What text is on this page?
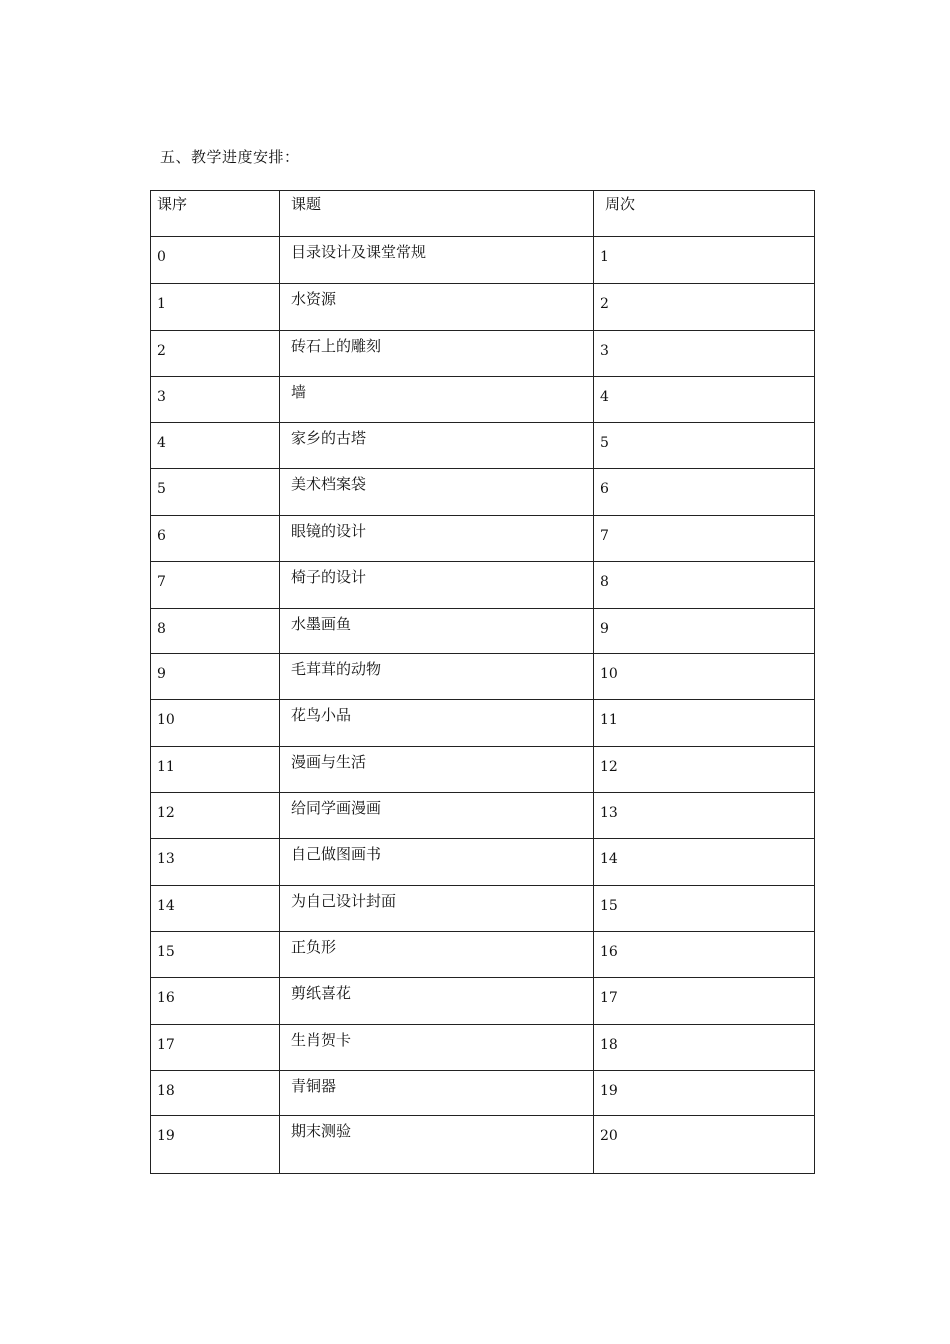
五、教学进度安排：
课序	课题	周次

0	目录设计及课堂常规	1

1	水资源	2

2	砖石上的雕刻	3

3	墙	4

4	家乡的古塔	5

5	美术档案袋	6

6	眼镜的设计	7

7	椅子的设计	8

8	水墨画鱼	9

9	毛茸茸的动物	10

10	花鸟小品	11

11	漫画与生活	12

12	给同学画漫画	13

13	自己做图画书	14

14	为自己设计封面	15

15	正负形	16

16	剪纸喜花	17

17	生肖贺卡	18

18	青铜器	19

19	期末测验	20
